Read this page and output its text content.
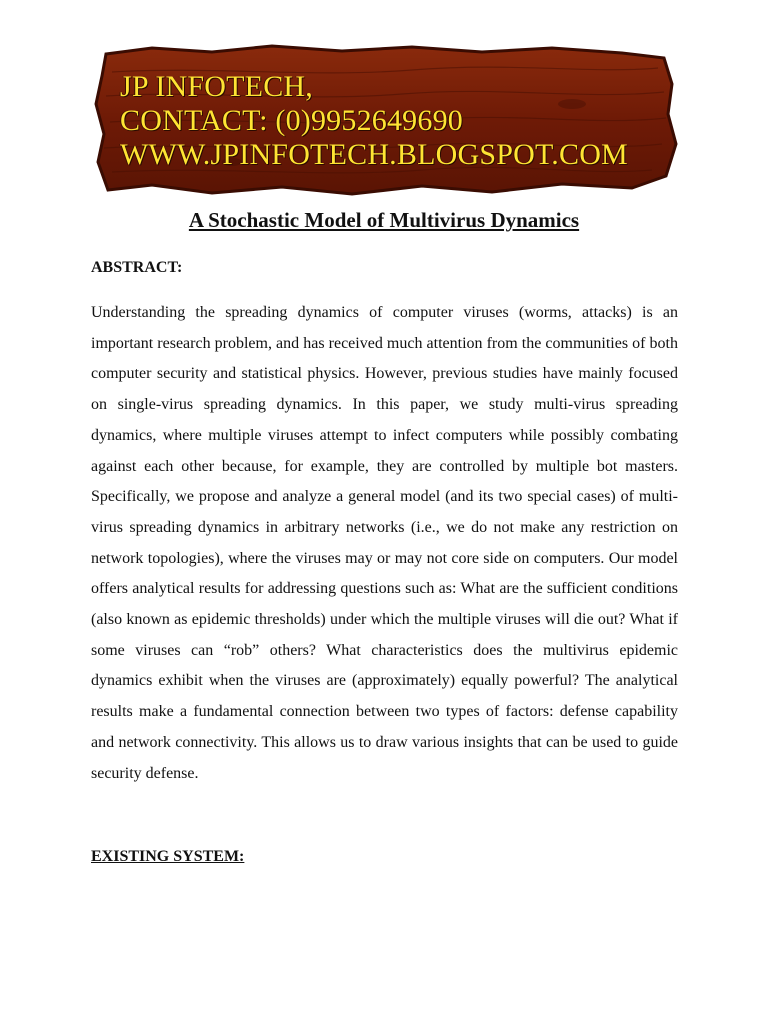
JP INFOTECH,
CONTACT: (0)9952649690
WWW.JPINFOTECH.BLOGSPOT.COM
A Stochastic Model of Multivirus Dynamics
ABSTRACT:

Understanding the spreading dynamics of computer viruses (worms, attacks) is an important research problem, and has received much attention from the communities of both computer security and statistical physics. However, previous studies have mainly focused on single-virus spreading dynamics. In this paper, we study multi-virus spreading dynamics, where multiple viruses attempt to infect computers while possibly combating against each other because, for example, they are controlled by multiple bot masters. Specifically, we propose and analyze a general model (and its two special cases) of multi-virus spreading dynamics in arbitrary networks (i.e., we do not make any restriction on network topologies), where the viruses may or may not core side on computers. Our model offers analytical results for addressing questions such as: What are the sufficient conditions (also known as epidemic thresholds) under which the multiple viruses will die out? What if some viruses can “rob” others? What characteristics does the multivirus epidemic dynamics exhibit when the viruses are (approximately) equally powerful? The analytical results make a fundamental connection between two types of factors: defense capability and network connectivity. This allows us to draw various insights that can be used to guide security defense.

EXISTING SYSTEM:
